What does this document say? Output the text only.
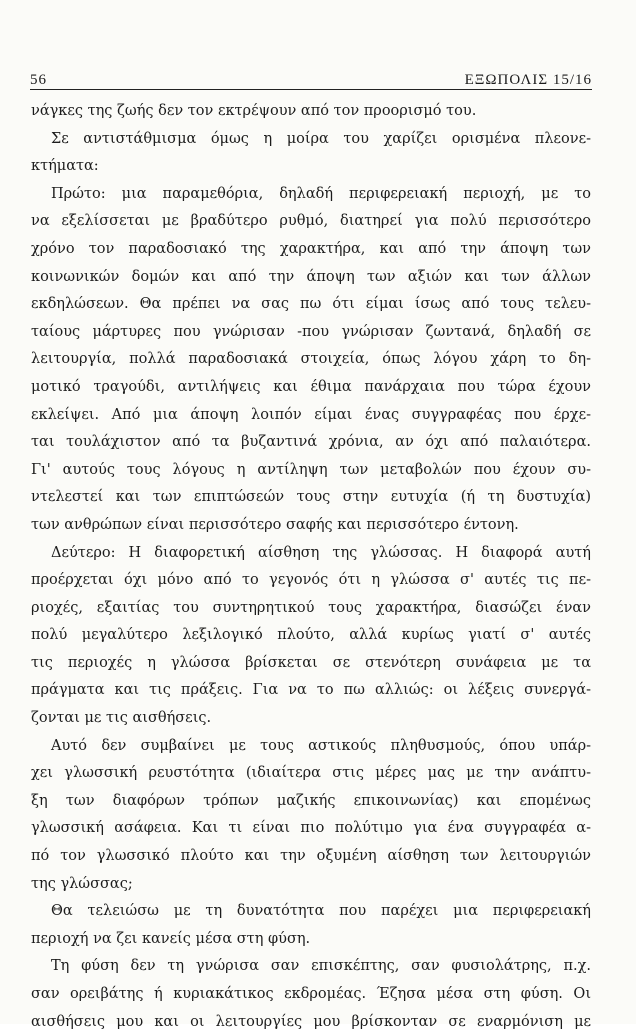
56	ΕΞΩΠΟΛΙΣ 15/16
νάγκες της ζωής δεν τον εκτρέψουν από τον προορισμό του.
Σε αντιστάθμισμα όμως η μοίρα του χαρίζει ορισμένα πλεονε-
κτήματα:
Πρώτο: μια παραμεθόρια, δηλαδή περιφερειακή περιοχή, με το
να εξελίσσεται με βραδύτερο ρυθμό, διατηρεί για πολύ περισσότερο
χρόνο τον παραδοσιακό της χαρακτήρα, και από την άποψη των
κοινωνικών δομών και από την άποψη των αξιών και των άλλων
εκδηλώσεων. Θα πρέπει να σας πω ότι είμαι ίσως από τους τελευ-
ταίους μάρτυρες που γνώρισαν -που γνώρισαν ζωντανά, δηλαδή σε
λειτουργία, πολλά παραδοσιακά στοιχεία, όπως λόγου χάρη το δη-
μοτικό τραγούδι, αντιλήψεις και έθιμα πανάρχαια που τώρα έχουν
εκλείψει. Από μια άποψη λοιπόν είμαι ένας συγγραφέας που έρχε-
ται τουλάχιστον από τα βυζαντινά χρόνια, αν όχι από παλαιότερα.
Γι' αυτούς τους λόγους η αντίληψη των μεταβολών που έχουν συ-
ντελεστεί και των επιπτώσεών τους στην ευτυχία (ή τη δυστυχία)
των ανθρώπων είναι περισσότερο σαφής και περισσότερο έντονη.
Δεύτερο: Η διαφορετική αίσθηση της γλώσσας. Η διαφορά αυτή
προέρχεται όχι μόνο από το γεγονός ότι η γλώσσα σ' αυτές τις πε-
ριοχές, εξαιτίας του συντηρητικού τους χαρακτήρα, διασώζει έναν
πολύ μεγαλύτερο λεξιλογικό πλούτο, αλλά κυρίως γιατί σ' αυτές
τις περιοχές η γλώσσα βρίσκεται σε στενότερη συνάφεια με τα
πράγματα και τις πράξεις. Για να το πω αλλιώς: οι λέξεις συνεργά-
ζονται με τις αισθήσεις.
Αυτό δεν συμβαίνει με τους αστικούς πληθυσμούς, όπου υπάρ-
χει γλωσσική ρευστότητα (ιδιαίτερα στις μέρες μας με την ανάπτυ-
ξη των διαφόρων τρόπων μαζικής επικοινωνίας) και επομένως
γλωσσική ασάφεια. Και τι είναι πιο πολύτιμο για ένα συγγραφέα α-
πό τον γλωσσικό πλούτο και την οξυμένη αίσθηση των λειτουργιών
της γλώσσας;
Θα τελειώσω με τη δυνατότητα που παρέχει μια περιφερειακή
περιοχή να ζει κανείς μέσα στη φύση.
Τη φύση δεν τη γνώρισα σαν επισκέπτης, σαν φυσιολάτρης, π.χ.
σαν ορειβάτης ή κυριακάτικος εκδρομέας. Έζησα μέσα στη φύση. Οι
αισθήσεις μου και οι λειτουργίες μου βρίσκονταν σε εναρμόνιση με
